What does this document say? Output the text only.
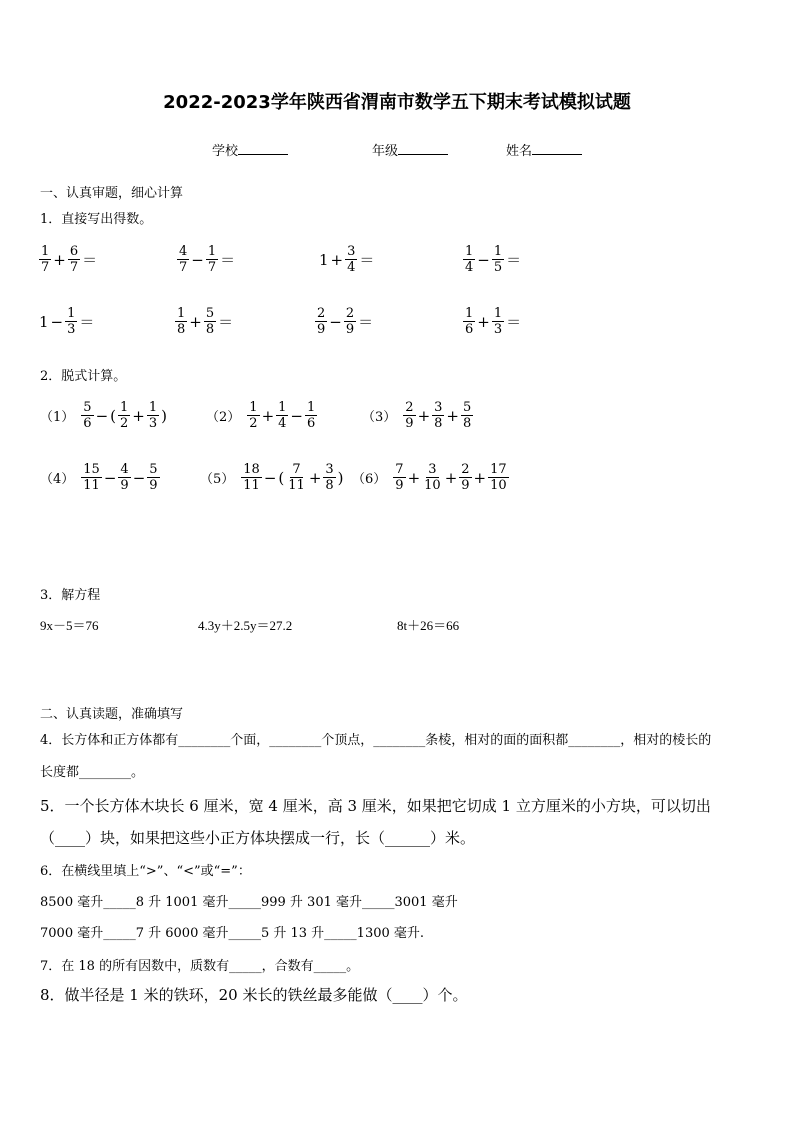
2022-2023学年陕西省渭南市数学五下期末考试模拟试题
学校	年级	姓名
一、认真审题，细心计算
1．直接写出得数。
$\frac{1}{7} + \frac{6}{7}$ ＝	$\frac{4}{7} - \frac{1}{7}$ ＝	$1 + \frac{3}{4}$ ＝	$\frac{1}{4} - \frac{1}{5}$ ＝
$1 - \frac{1}{3}$ ＝	$\frac{1}{8} + \frac{5}{8}$ ＝	$\frac{2}{9} - \frac{2}{9}$ ＝	$\frac{1}{6} + \frac{1}{3}$ ＝
2．脱式计算。
$(1) \frac{5}{6}$ − ( $\frac{1}{2} + \frac{1}{3}$ )	$(2) \frac{1}{2} + \frac{1}{4} - \frac{1}{6}$	$(3) \frac{2}{9} + \frac{3}{8} + \frac{5}{8}$
$(4) \frac{15}{11} - \frac{4}{9} - \frac{5}{9}$	$(5) \frac{18}{11}$ − ( $\frac{7}{11} + \frac{3}{8}$ ) $(6) \frac{7}{9} + \frac{3}{10} + \frac{2}{9} + \frac{17}{10}$
3．解方程
9x－5＝76	4.3y＋2.5y＝27.2	8t＋26＝66
二、认真读题，准确填写
4．长方体和正方体都有________个面，________个顶点，________条棱，相对的面的面积都________，相对的棱长的
长度都________。
5．一个长方体木块长 6 厘米，宽 4 厘米，高 3 厘米，如果把它切成 1 立方厘米的小方块，可以切出
（____）块，如果把这些小正方体块摆成一行，长（______）米。
6．在横线里填上“>”、“<”或“=”：
8500 毫升_____8 升 1001 毫升_____999 升 301 毫升_____3001 毫升
7000 毫升_____7 升 6000 毫升_____5 升 13 升_____1300 毫升.
7．在 18 的所有因数中，质数有_____，合数有_____。
8．做半径是 1 米的铁环，20 米长的铁丝最多能做（____）个。
